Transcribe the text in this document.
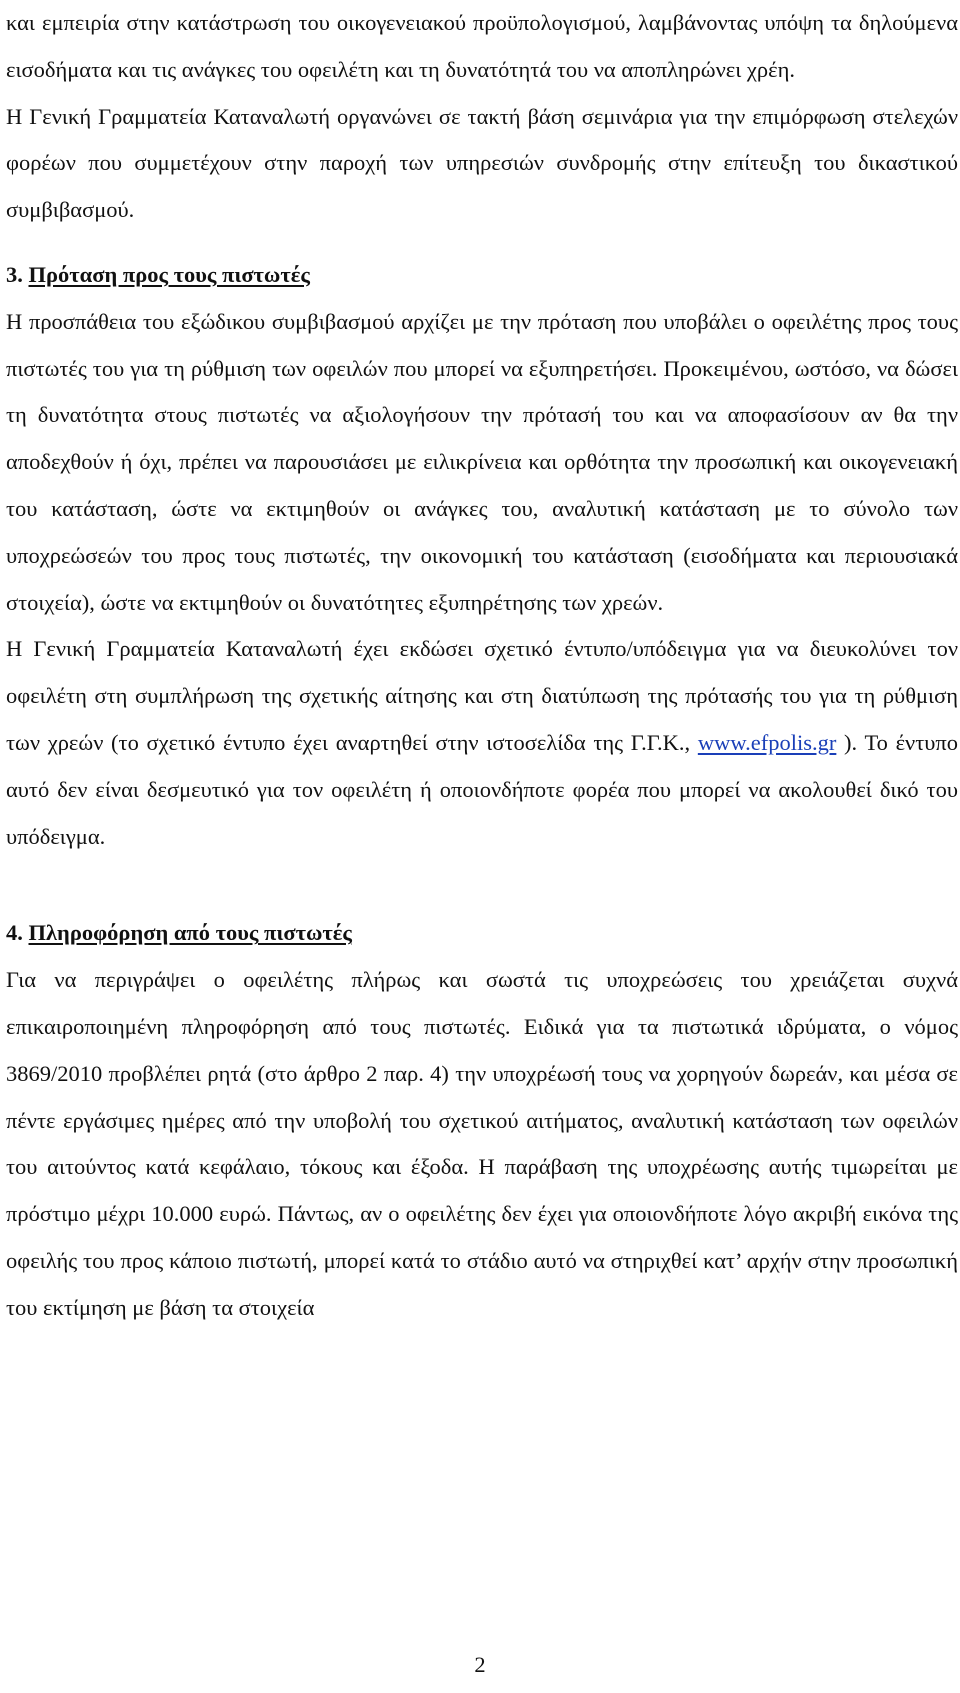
και εμπειρία στην κατάστρωση του οικογενειακού προϋπολογισμού, λαμβάνοντας υπόψη τα δηλούμενα εισοδήματα και τις ανάγκες του οφειλέτη και τη δυνατότητά του να αποπληρώνει χρέη.

Η Γενική Γραμματεία Καταναλωτή οργανώνει σε τακτή βάση σεμινάρια για την επιμόρφωση στελεχών φορέων που συμμετέχουν στην παροχή των υπηρεσιών συνδρομής στην επίτευξη του δικαστικού συμβιβασμού.

3. Πρόταση προς τους πιστωτές

Η προσπάθεια του εξώδικου συμβιβασμού αρχίζει με την πρόταση που υποβάλει ο οφειλέτης προς τους πιστωτές του για τη ρύθμιση των οφειλών που μπορεί να εξυπηρετήσει. Προκειμένου, ωστόσο, να δώσει τη δυνατότητα στους πιστωτές να αξιολογήσουν την πρότασή του και να αποφασίσουν αν θα την αποδεχθούν ή όχι, πρέπει να παρουσιάσει με ειλικρίνεια και ορθότητα την προσωπική και οικογενειακή του κατάσταση, ώστε να εκτιμηθούν οι ανάγκες του, αναλυτική κατάσταση με το σύνολο των υποχρεώσεών του προς τους πιστωτές, την οικονομική του κατάσταση (εισοδήματα και περιουσιακά στοιχεία), ώστε να εκτιμηθούν οι δυνατότητες εξυπηρέτησης των χρεών.

Η Γενική Γραμματεία Καταναλωτή έχει εκδώσει σχετικό έντυπο/υπόδειγμα για να διευκολύνει τον οφειλέτη στη συμπλήρωση της σχετικής αίτησης και στη διατύπωση της πρότασής του για τη ρύθμιση των χρεών (το σχετικό έντυπο έχει αναρτηθεί στην ιστοσελίδα της Γ.Γ.Κ., www.efpolis.gr ). Το έντυπο αυτό δεν είναι δεσμευτικό για τον οφειλέτη ή οποιονδήποτε φορέα που μπορεί να ακολουθεί δικό του υπόδειγμα.

4. Πληροφόρηση από τους πιστωτές

Για να περιγράψει ο οφειλέτης πλήρως και σωστά τις υποχρεώσεις του χρειάζεται συχνά επικαιροποιημένη πληροφόρηση από τους πιστωτές. Ειδικά για τα πιστωτικά ιδρύματα, ο νόμος 3869/2010 προβλέπει ρητά (στο άρθρο 2 παρ. 4) την υποχρέωσή τους να χορηγούν δωρεάν, και μέσα σε πέντε εργάσιμες ημέρες από την υποβολή του σχετικού αιτήματος, αναλυτική κατάσταση των οφειλών του αιτούντος κατά κεφάλαιο, τόκους και έξοδα. Η παράβαση της υποχρέωσης αυτής τιμωρείται με πρόστιμο μέχρι 10.000 ευρώ. Πάντως, αν ο οφειλέτης δεν έχει για οποιονδήποτε λόγο ακριβή εικόνα της οφειλής του προς κάποιο πιστωτή, μπορεί κατά το στάδιο αυτό να στηριχθεί κατ’ αρχήν στην προσωπική του εκτίμηση με βάση τα στοιχεία

2
